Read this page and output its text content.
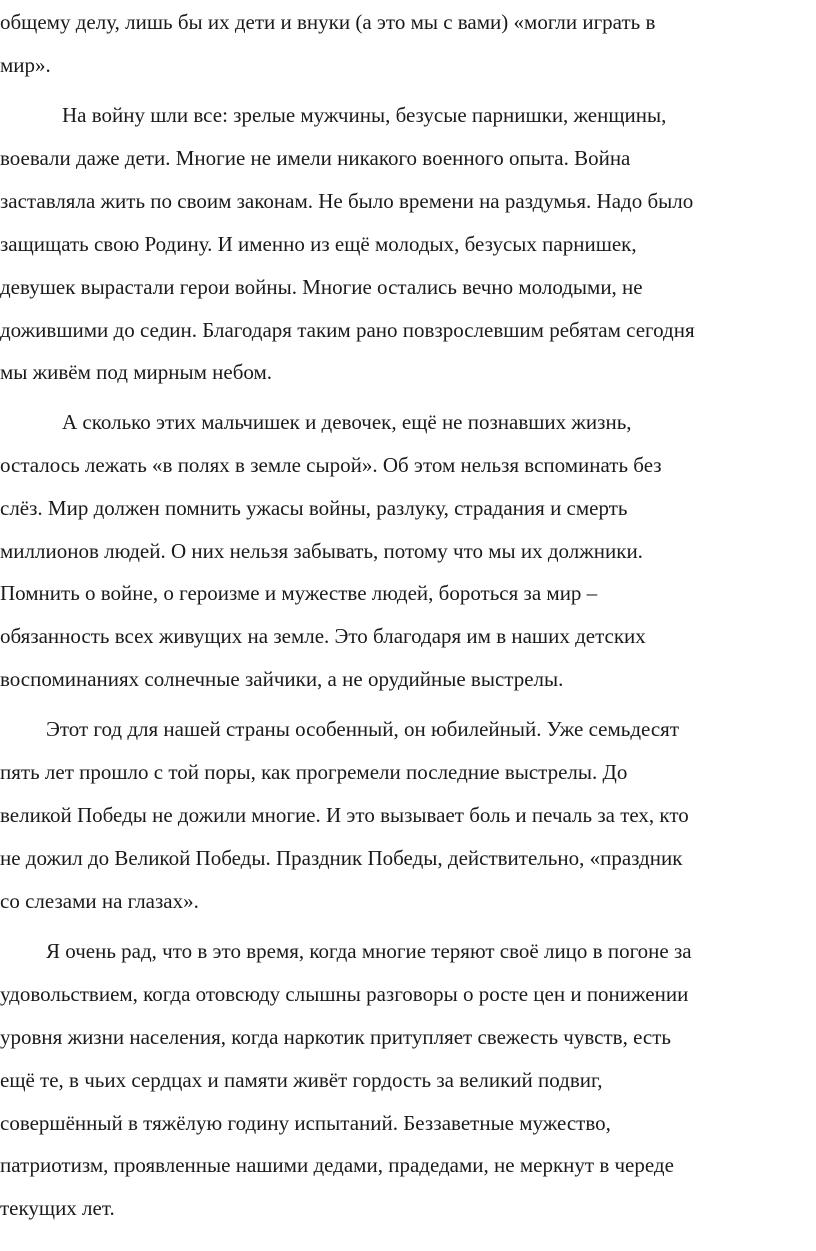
общему делу, лишь бы их дети и внуки (а это мы с вами) «могли играть в
мир».
На войну шли все: зрелые мужчины, безусые парнишки, женщины,
воевали даже дети. Многие не имели никакого военного опыта. Война
заставляла жить по своим законам. Не было времени на раздумья. Надо было
защищать свою Родину. И именно из ещё молодых, безусых парнишек,
девушек вырастали герои войны. Многие остались вечно молодыми, не
дожившими до седин. Благодаря таким рано повзрослевшим ребятам сегодня
мы живём под мирным небом.
А сколько этих мальчишек и девочек, ещё не познавших жизнь,
осталось лежать «в полях в земле сырой». Об этом нельзя вспоминать без
слёз. Мир должен помнить ужасы войны, разлуку, страдания и смерть
миллионов людей. О них нельзя забывать, потому что мы их должники.
Помнить о войне, о героизме и мужестве людей, бороться за мир –
обязанность всех живущих на земле. Это благодаря им в наших детских
воспоминаниях солнечные зайчики, а не орудийные выстрелы.
Этот год для нашей страны особенный, он юбилейный. Уже семьдесят
пять лет прошло с той поры, как прогремели последние выстрелы. До
великой Победы не дожили многие. И это вызывает боль и печаль за тех, кто
не дожил до Великой Победы. Праздник Победы, действительно, «праздник
со слезами на глазах».
Я очень рад, что в это время, когда многие теряют своё лицо в погоне за
удовольствием, когда отовсюду слышны разговоры о росте цен и понижении
уровня жизни населения, когда наркотик притупляет свежесть чувств, есть
ещё те, в чьих сердцах и памяти живёт гордость за великий подвиг,
совершённый в тяжёлую годину испытаний. Беззаветные мужество,
патриотизм, проявленные нашими дедами, прадедами, не меркнут в череде
текущих лет.
